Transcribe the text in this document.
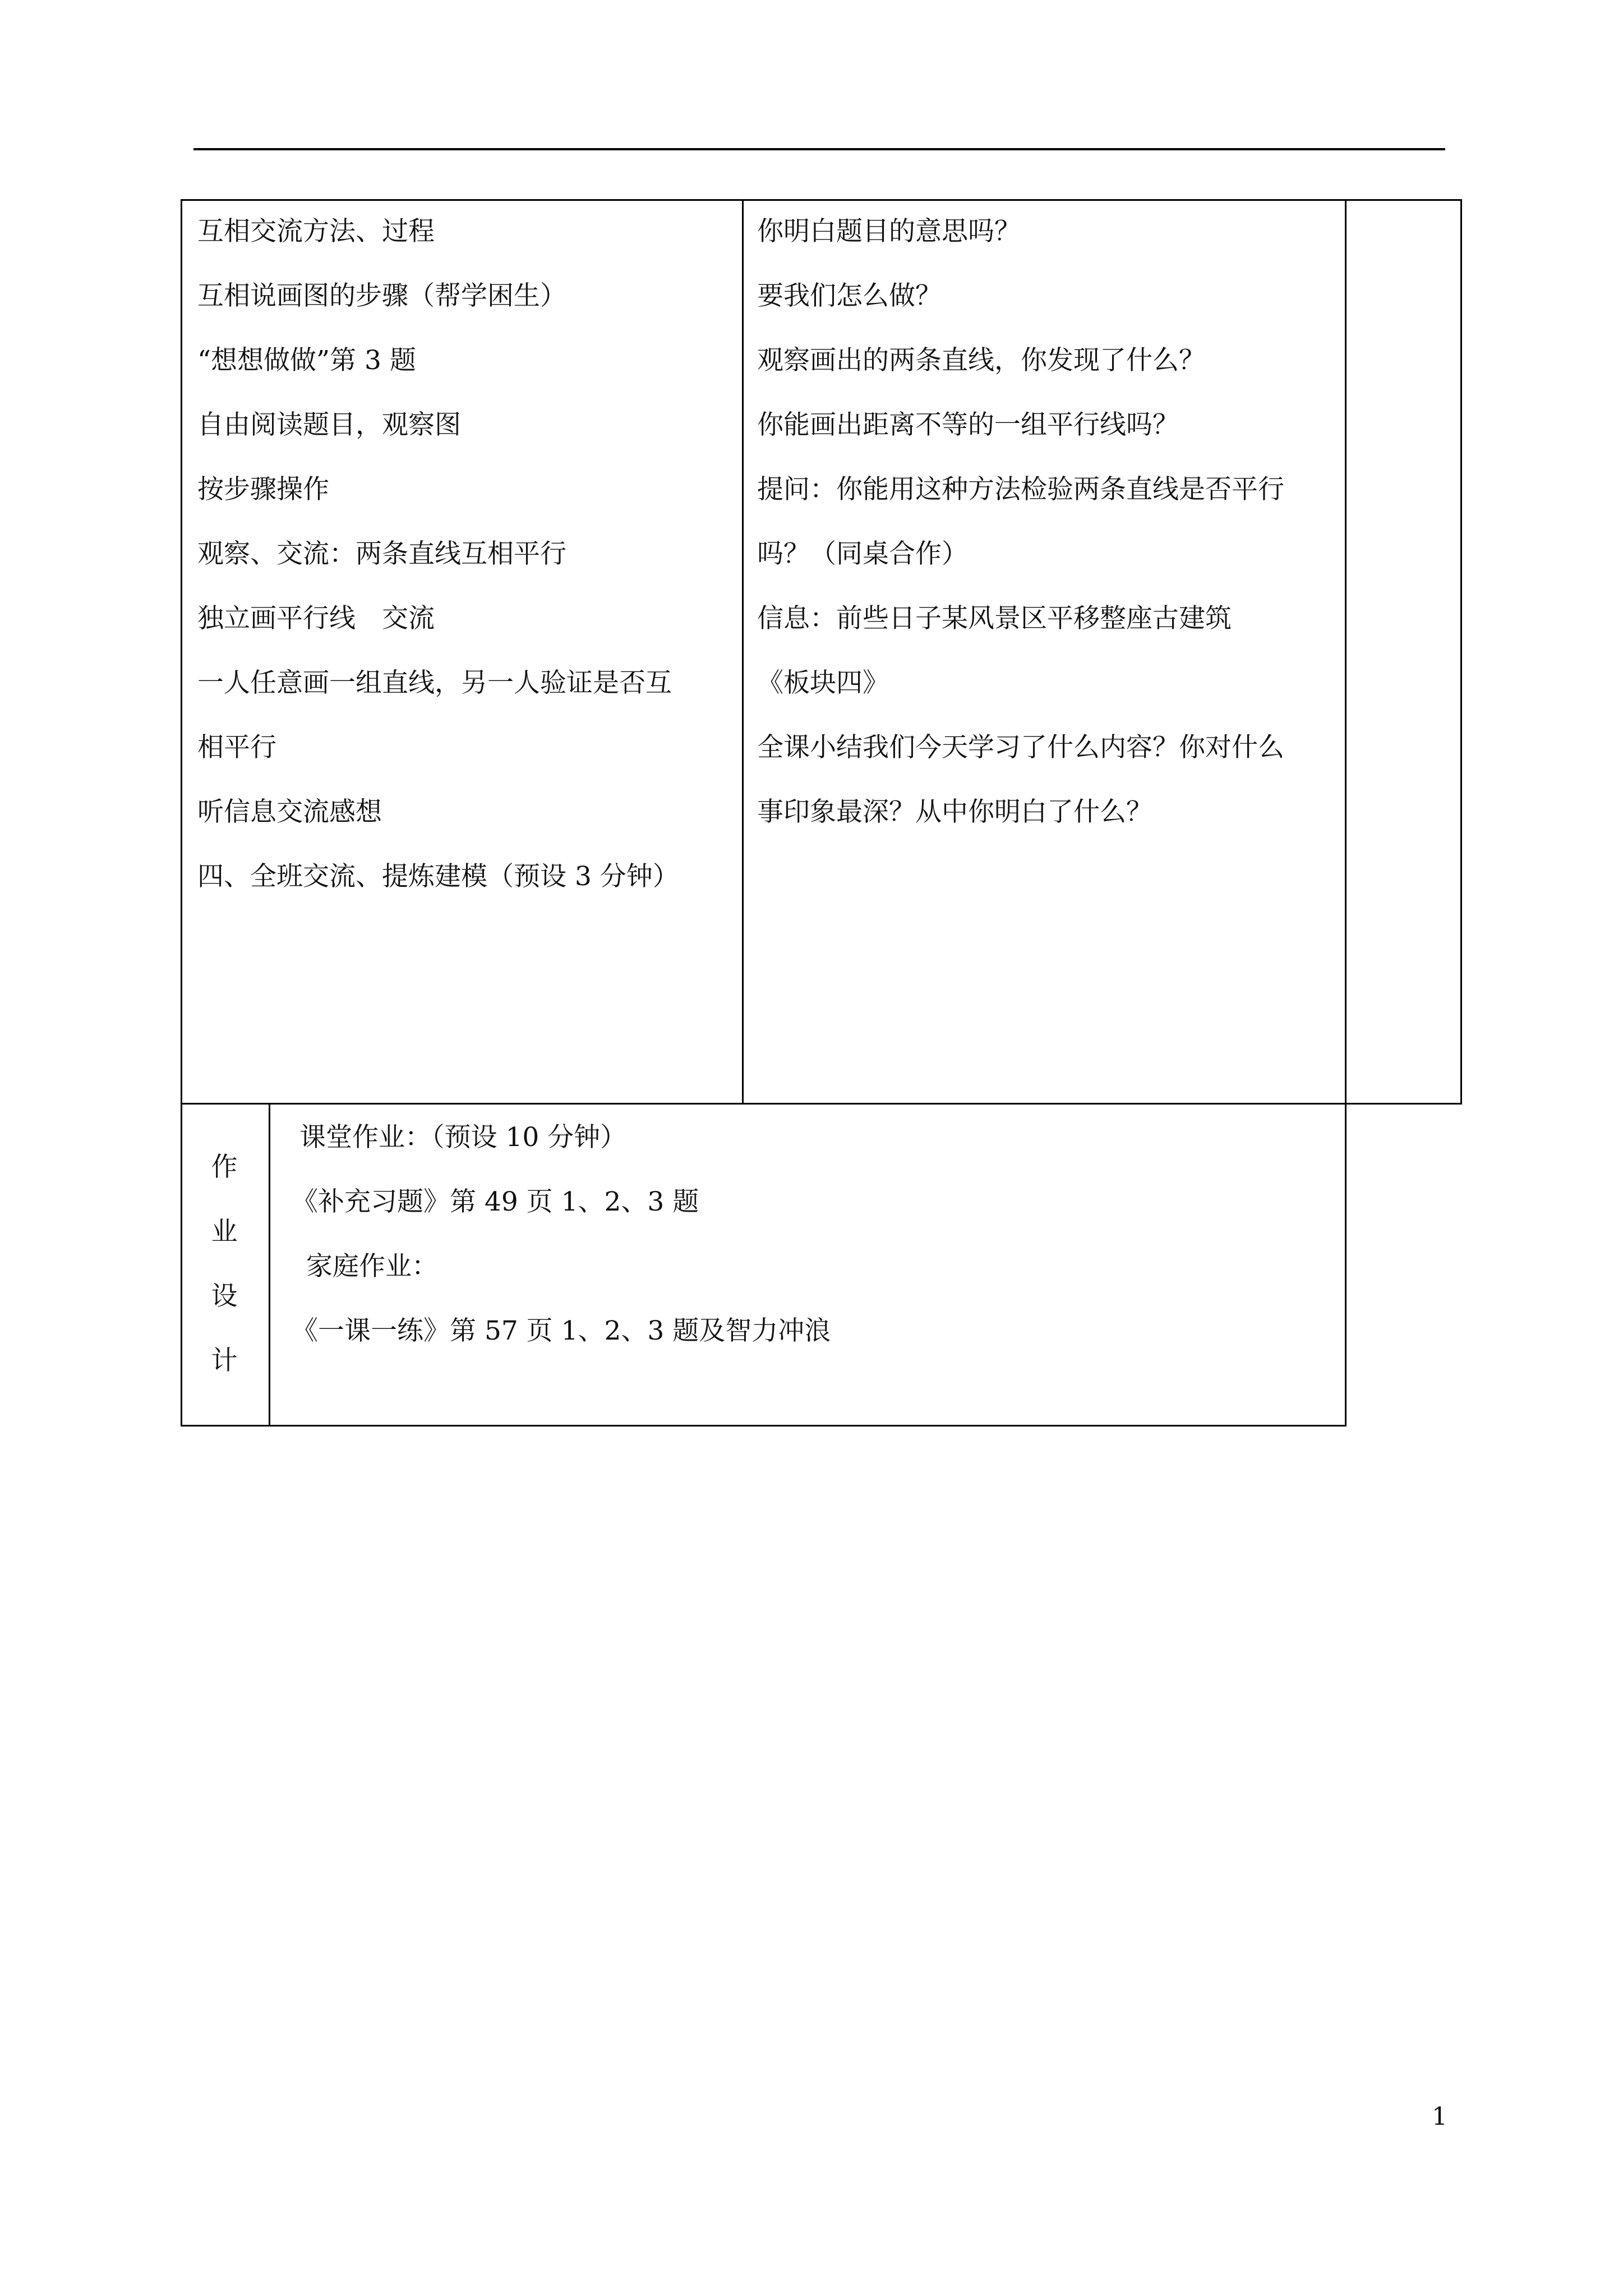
互相交流方法、过程
互相说画图的步骤（帮学困生）
“想想做做”第 3 题
自由阅读题目，观察图
按步骤操作
观察、交流：两条直线互相平行
独立画平行线　交流
一人任意画一组直线，另一人验证是否互
相平行
听信息交流感想
四、全班交流、提炼建模（预设 3 分钟）
你明白题目的意思吗？
要我们怎么做？
观察画出的两条直线，你发现了什么？
你能画出距离不等的一组平行线吗？
提问：你能用这种方法检验两条直线是否平行
吗？（同桌合作）
信息：前些日子某风景区平移整座古建筑
《板块四》
全课小结我们今天学习了什么内容？你对什么
事印象最深？从中你明白了什么？
作
业
设
计
课堂作业：（预设 10 分钟）
《补充习题》第 49 页 1、2、3 题
家庭作业：
《一课一练》第 57 页 1、2、3 题及智力冲浪
1
